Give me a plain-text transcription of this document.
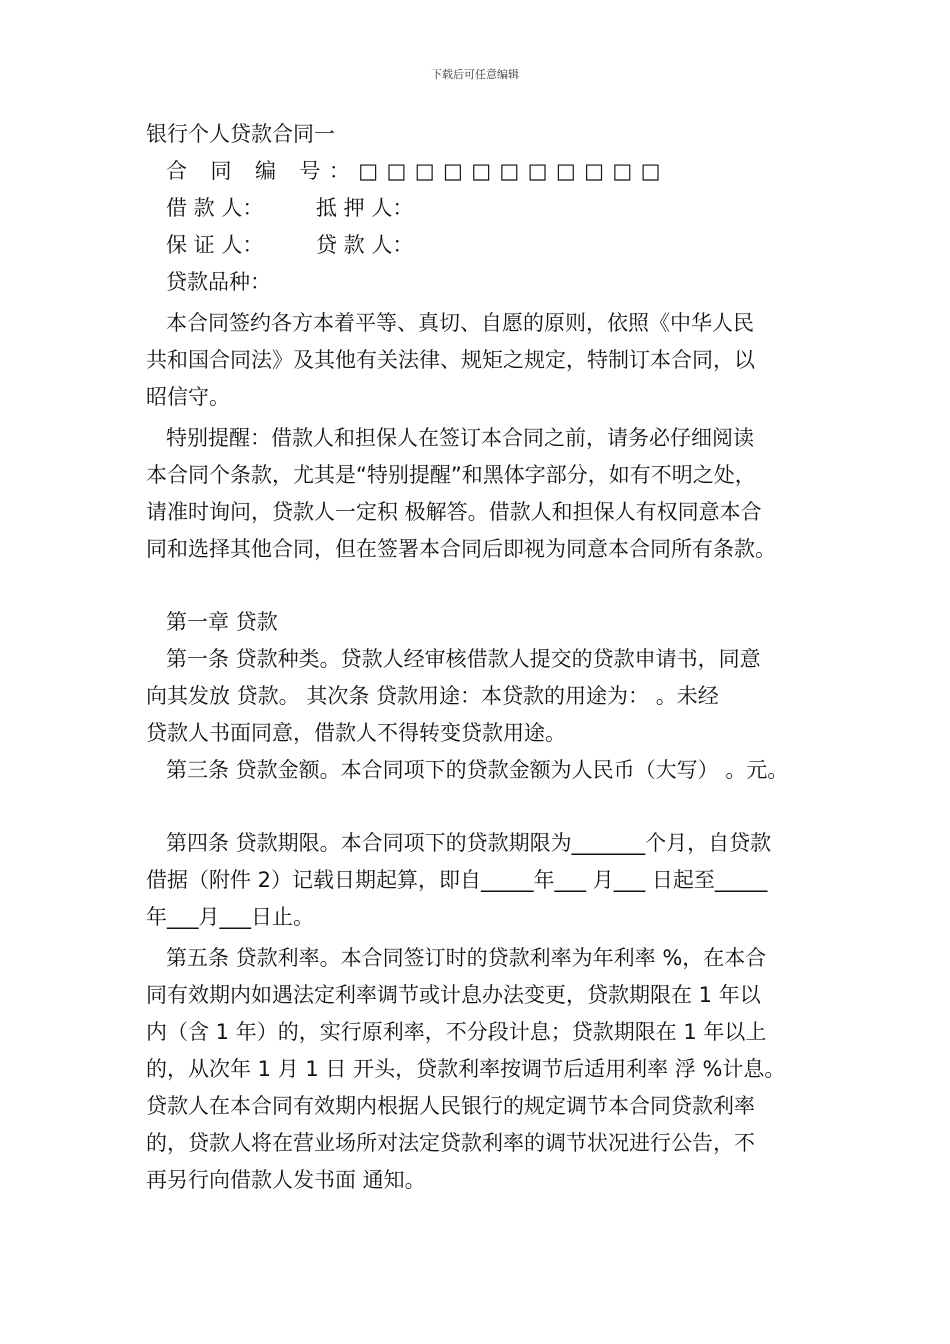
下载后可任意编辑
银行个人贷款合同一
合 同 编 号：□□□□□□□□□□□
借 款 人：	抵 押 人：
保 证 人：	贷 款 人：
贷款品种：
本合同签约各方本着平等、真切、自愿的原则，依照《中华人民
共和国合同法》及其他有关法律、规矩之规定，特制订本合同，以
昭信守。
特别提醒：借款人和担保人在签订本合同之前，请务必仔细阅读
本合同个条款，尤其是“特别提醒”和黑体字部分，如有不明之处，
请准时询问，贷款人一定积 极解答。借款人和担保人有权同意本合
同和选择其他合同，但在签署本合同后即视为同意本合同所有条款。
第一章 贷款
第一条 贷款种类。贷款人经审核借款人提交的贷款申请书，同意
向其发放 贷款。 其次条 贷款用途：本贷款的用途为： 。未经
贷款人书面同意，借款人不得转变贷款用途。
第三条 贷款金额。本合同项下的贷款金额为人民币（大写） 。元。
第四条 贷款期限。本合同项下的贷款期限为_______个月，自贷款
借据（附件 2）记载日期起算，即自_____年___ 月___ 日起至_____
年___月___日止。
第五条 贷款利率。本合同签订时的贷款利率为年利率 %，在本合
同有效期内如遇法定利率调节或计息办法变更，贷款期限在 1 年以
内（含 1 年）的，实行原利率，不分段计息；贷款期限在 1 年以上
的，从次年 1 月 1 日 开头，贷款利率按调节后适用利率 浮 %计息。
贷款人在本合同有效期内根据人民银行的规定调节本合同贷款利率
的，贷款人将在营业场所对法定贷款利率的调节状况进行公告，不
再另行向借款人发书面 通知。
